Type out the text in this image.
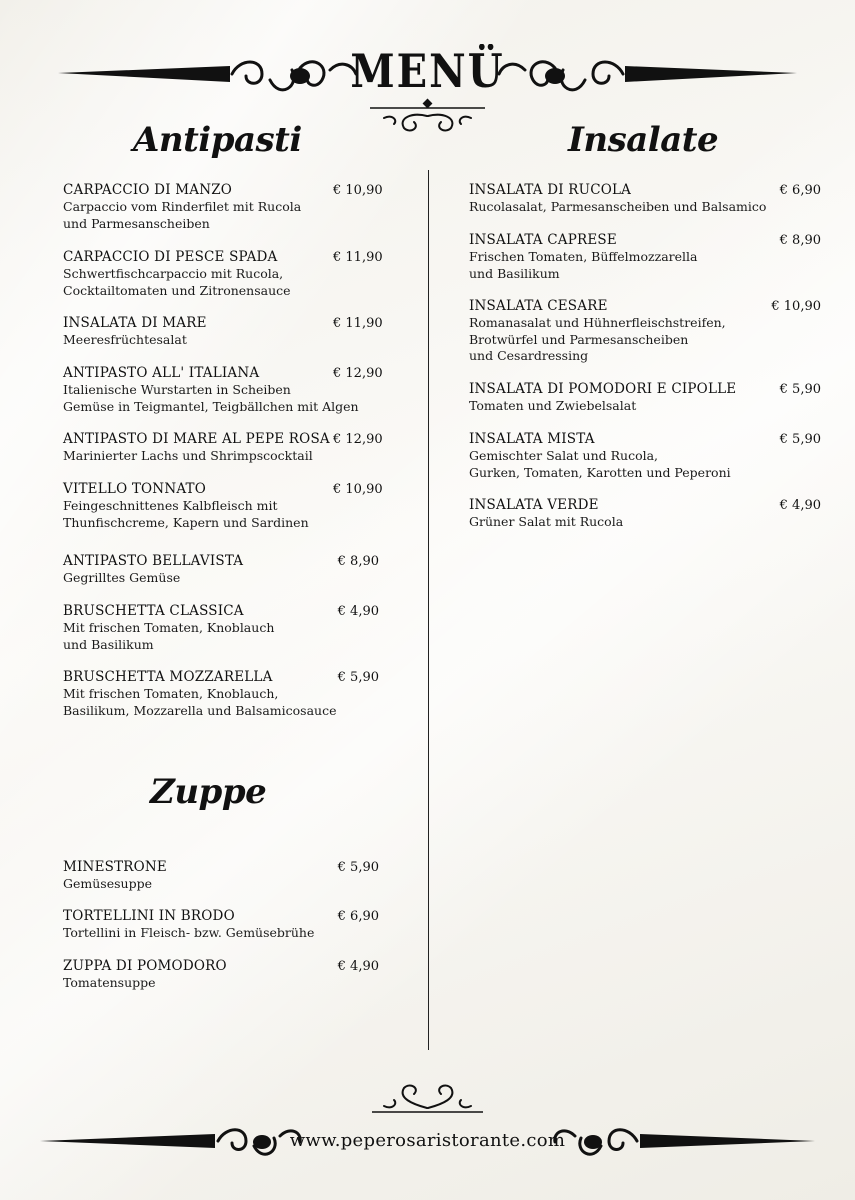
MENÜ
Antipasti	Insalate
Zuppe
CARPACCIO DI MANZO	€ 10,90
Carpaccio vom Rinderfilet mit Rucola
und Parmesanscheiben
CARPACCIO DI PESCE SPADA	€ 11,90
Schwertfischcarpaccio mit Rucola,
Cocktailtomaten und Zitronensauce
INSALATA DI MARE	€ 11,90
Meeresfrüchtesalat
ANTIPASTO ALL' ITALIANA	€ 12,90
Italienische Wurstarten in Scheiben
Gemüse in Teigmantel, Teigbällchen mit Algen
ANTIPASTO DI MARE AL PEPE ROSA € 12,90
Marinierter Lachs und Shrimpscocktail
VITELLO TONNATO	€ 10,90
Feingeschnittenes Kalbfleisch mit
Thunfischcreme, Kapern und Sardinen
ANTIPASTO BELLAVISTA	€ 8,90
Gegrilltes Gemüse
BRUSCHETTA CLASSICA	€ 4,90
Mit frischen Tomaten, Knoblauch
und Basilikum
BRUSCHETTA MOZZARELLA	€ 5,90
Mit frischen Tomaten, Knoblauch,
Basilikum, Mozzarella und Balsamicosauce
MINESTRONE	€ 5,90
Gemüsesuppe
TORTELLINI IN BRODO	€ 6,90
Tortellini in Fleisch- bzw. Gemüsebrühe
ZUPPA DI POMODORO	€ 4,90
Tomatensuppe
INSALATA DI RUCOLA	€ 6,90
Rucolasalat, Parmesanscheiben und Balsamico
INSALATA CAPRESE	€ 8,90
Frischen Tomaten, Büffelmozzarella
und Basilikum
INSALATA CESARE	€ 10,90
Romanasalat und Hühnerfleischstreifen,
Brotwürfel und Parmesanscheiben
und Cesardressing
INSALATA DI POMODORI E CIPOLLE	€ 5,90
Tomaten und Zwiebelsalat
INSALATA MISTA	€ 5,90
Gemischter Salat und Rucola,
Gurken, Tomaten, Karotten und Peperoni
INSALATA VERDE	€ 4,90
Grüner Salat mit Rucola
www.peperosaristorante.com
